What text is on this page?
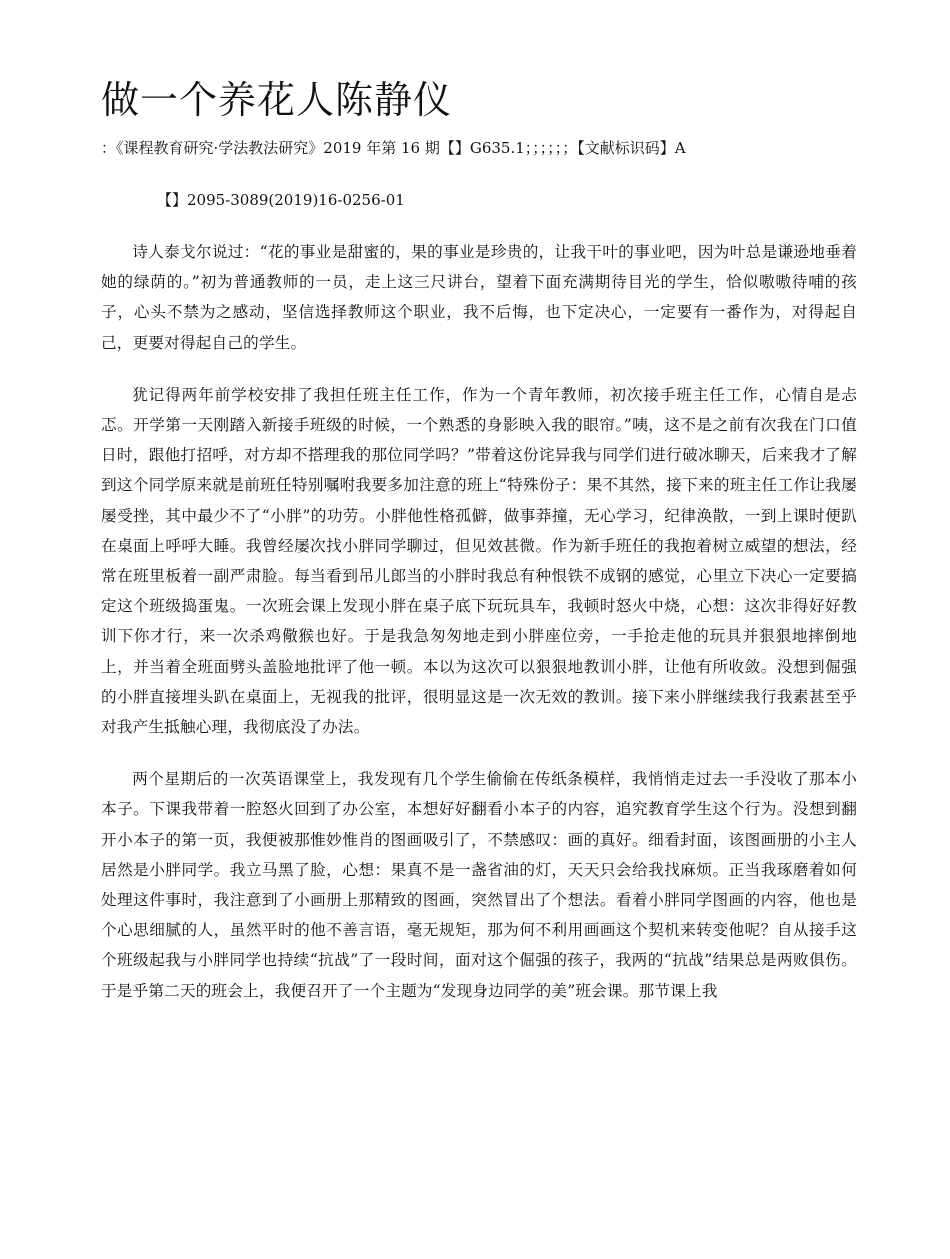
做一个养花人陈静仪
：《课程教育研究·学法教法研究》2019 年第 16 期【】G635.1；；；；；；【文献标识码】A
【】2095-3089(2019)16-0256-01

诗人泰戈尔说过：“花的事业是甜蜜的，果的事业是珍贵的，让我干叶的事业吧，因为叶总是谦逊地垂着她的绿荫的。”初为普通教师的一员，走上这三尺讲台，望着下面充满期待目光的学生，恰似嗷嗷待哺的孩子，心头不禁为之感动，坚信选择教师这个职业，我不后悔，也下定决心，一定要有一番作为，对得起自己，更要对得起自己的学生。

犹记得两年前学校安排了我担任班主任工作，作为一个青年教师，初次接手班主任工作，心情自是忐忑。开学第一天刚踏入新接手班级的时候，一个熟悉的身影映入我的眼帘。”咦，这不是之前有次我在门口值日时，跟他打招呼，对方却不搭理我的那位同学吗？”带着这份诧异我与同学们进行破冰聊天，后来我才了解到这个同学原来就是前班任特别嘱咐我要多加注意的班上“特殊份子：果不其然，接下来的班主任工作让我屡屡受挫，其中最少不了“小胖”的功劳。小胖他性格孤僻，做事莽撞，无心学习，纪律涣散，一到上课时便趴在桌面上呼呼大睡。我曾经屡次找小胖同学聊过，但见效甚微。作为新手班任的我抱着树立威望的想法，经常在班里板着一副严肃脸。每当看到吊儿郎当的小胖时我总有种恨铁不成钢的感觉，心里立下决心一定要搞定这个班级捣蛋鬼。一次班会课上发现小胖在桌子底下玩玩具车，我顿时怒火中烧，心想：这次非得好好教训下你才行，来一次杀鸡儆猴也好。于是我急匆匆地走到小胖座位旁，一手抢走他的玩具并狠狠地摔倒地上，并当着全班面劈头盖脸地批评了他一顿。本以为这次可以狠狠地教训小胖，让他有所收敛。没想到倔强的小胖直接埋头趴在桌面上，无视我的批评，很明显这是一次无效的教训。接下来小胖继续我行我素甚至乎对我产生抵触心理，我彻底没了办法。

两个星期后的一次英语课堂上，我发现有几个学生偷偷在传纸条模样，我悄悄走过去一手没收了那本小本子。下课我带着一腔怒火回到了办公室，本想好好翻看小本子的内容，追究教育学生这个行为。没想到翻开小本子的第一页，我便被那惟妙惟肖的图画吸引了，不禁感叹：画的真好。细看封面，该图画册的小主人居然是小胖同学。我立马黑了脸，心想：果真不是一盏省油的灯，天天只会给我找麻烦。正当我琢磨着如何处理这件事时，我注意到了小画册上那精致的图画，突然冒出了个想法。看着小胖同学图画的内容，他也是个心思细腻的人，虽然平时的他不善言语，毫无规矩，那为何不利用画画这个契机来转变他呢？自从接手这个班级起我与小胖同学也持续“抗战”了一段时间，面对这个倔强的孩子，我两的“抗战”结果总是两败俱伤。于是乎第二天的班会上，我便召开了一个主题为“发现身边同学的美”班会课。那节课上我
